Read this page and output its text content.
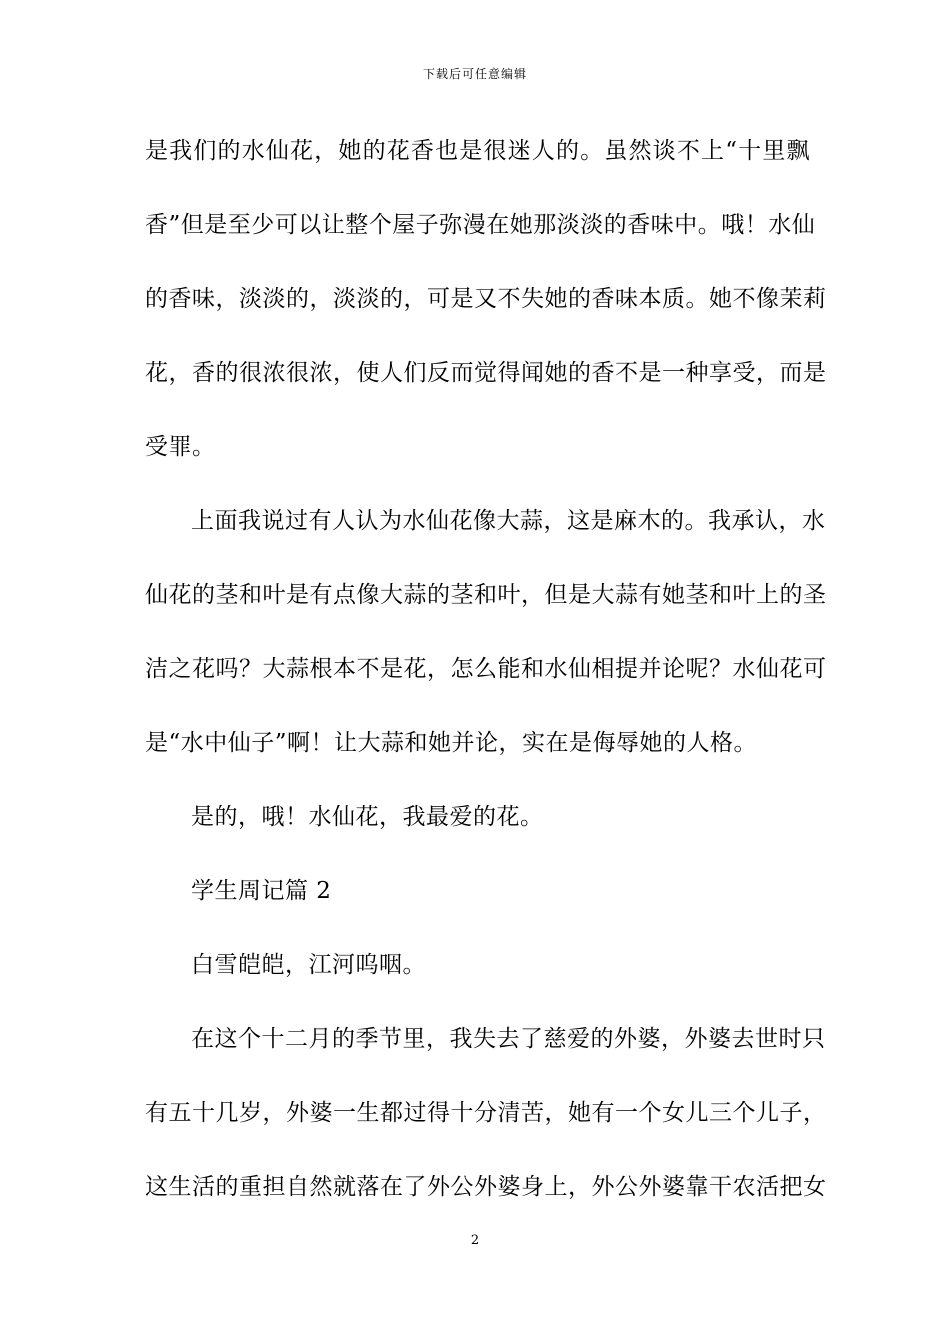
下载后可任意编辑
是我们的水仙花，她的花香也是很迷人的。虽然谈不上“十里飘
香”但是至少可以让整个屋子弥漫在她那淡淡的香味中。哦！水仙
的香味，淡淡的，淡淡的，可是又不失她的香味本质。她不像茉莉
花，香的很浓很浓，使人们反而觉得闻她的香不是一种享受，而是
受罪。
上面我说过有人认为水仙花像大蒜，这是麻木的。我承认，水
仙花的茎和叶是有点像大蒜的茎和叶，但是大蒜有她茎和叶上的圣
洁之花吗？大蒜根本不是花，怎么能和水仙相提并论呢？水仙花可
是“水中仙子”啊！让大蒜和她并论，实在是侮辱她的人格。
是的，哦！水仙花，我最爱的花。
学生周记篇 2
白雪皑皑，江河呜咽。
在这个十二月的季节里，我失去了慈爱的外婆，外婆去世时只
有五十几岁，外婆一生都过得十分清苦，她有一个女儿三个儿子，
这生活的重担自然就落在了外公外婆身上，外公外婆靠干农活把女
2
